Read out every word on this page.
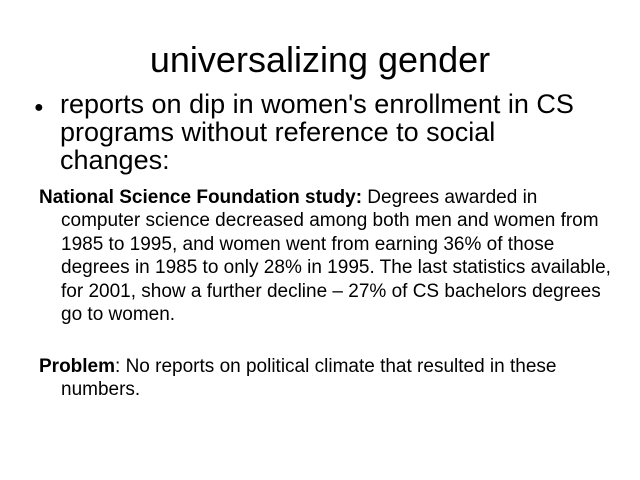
universalizing gender
● reports on dip in women's enrollment in CS programs without reference to social changes:
National Science Foundation study: Degrees awarded in computer science decreased among both men and women from 1985 to 1995, and women went from earning 36% of those degrees in 1985 to only 28% in 1995. The last statistics available, for 2001, show a further decline – 27% of CS bachelors degrees go to women.
Problem: No reports on political climate that resulted in these numbers.
